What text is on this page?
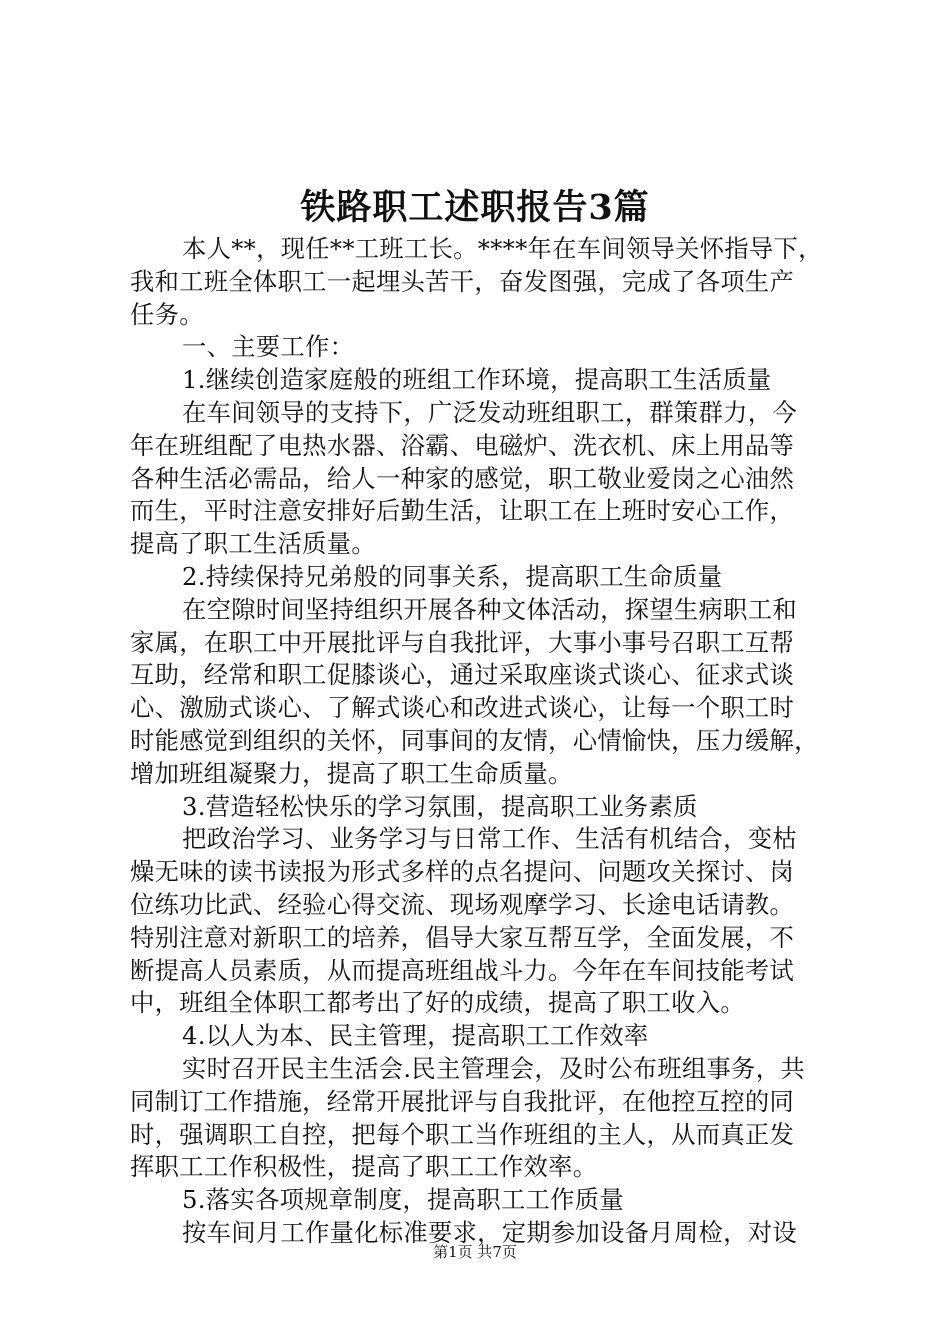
铁路职工述职报告3篇
本人**，现任**工班工长。****年在车间领导关怀指导下，
我和工班全体职工一起埋头苦干，奋发图强，完成了各项生产
任务。
一、主要工作：
1.继续创造家庭般的班组工作环境，提高职工生活质量
在车间领导的支持下，广泛发动班组职工，群策群力，今
年在班组配了电热水器、浴霸、电磁炉、洗衣机、床上用品等
各种生活必需品，给人一种家的感觉，职工敬业爱岗之心油然
而生，平时注意安排好后勤生活，让职工在上班时安心工作，
提高了职工生活质量。
2.持续保持兄弟般的同事关系，提高职工生命质量
在空隙时间坚持组织开展各种文体活动，探望生病职工和
家属，在职工中开展批评与自我批评，大事小事号召职工互帮
互助，经常和职工促膝谈心，通过采取座谈式谈心、征求式谈
心、激励式谈心、了解式谈心和改进式谈心，让每一个职工时
时能感觉到组织的关怀，同事间的友情，心情愉快，压力缓解，
增加班组凝聚力，提高了职工生命质量。
3.营造轻松快乐的学习氛围，提高职工业务素质
把政治学习、业务学习与日常工作、生活有机结合，变枯
燥无味的读书读报为形式多样的点名提问、问题攻关探讨、岗
位练功比武、经验心得交流、现场观摩学习、长途电话请教。
特别注意对新职工的培养，倡导大家互帮互学，全面发展，不
断提高人员素质，从而提高班组战斗力。今年在车间技能考试
中，班组全体职工都考出了好的成绩，提高了职工收入。
4.以人为本、民主管理，提高职工工作效率
实时召开民主生活会.民主管理会，及时公布班组事务，共
同制订工作措施，经常开展批评与自我批评，在他控互控的同
时，强调职工自控，把每个职工当作班组的主人，从而真正发
挥职工工作积极性，提高了职工工作效率。
5.落实各项规章制度，提高职工工作质量
按车间月工作量化标准要求，定期参加设备月周检，对设
第1页 共7页
